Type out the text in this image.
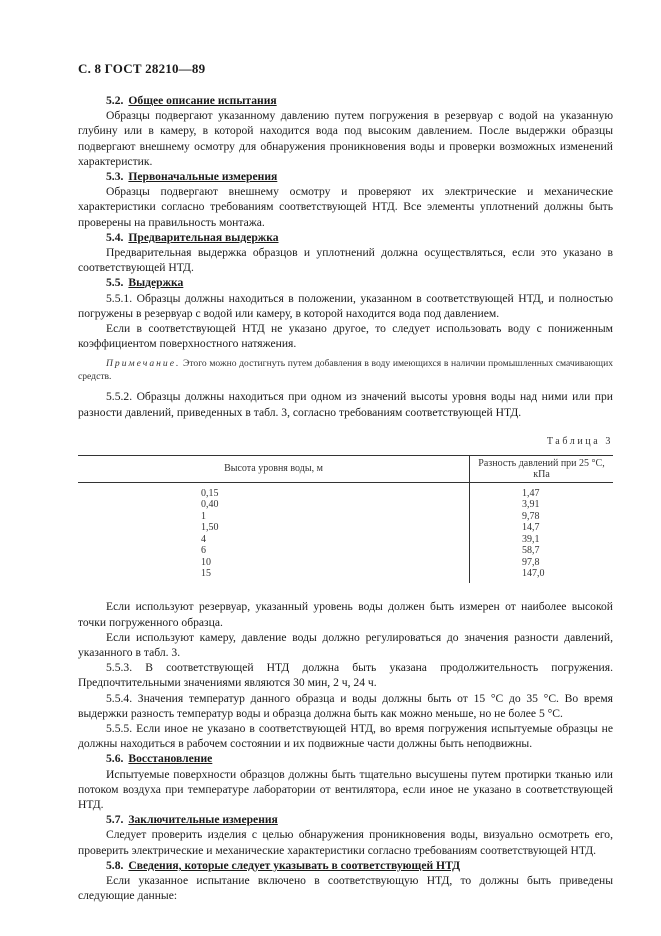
С. 8 ГОСТ 28210—89

5.2. Общее описание испытания

Образцы подвергают указанному давлению путем погружения в резервуар с водой на указанную глубину или в камеру, в которой находится вода под высоким давлением. После выдержки образцы подвергают внешнему осмотру для обнаружения проникновения воды и проверки возможных изменений характеристик.

5.3. Первоначальные измерения

Образцы подвергают внешнему осмотру и проверяют их электрические и механические характеристики согласно требованиям соответствующей НТД. Все элементы уплотнений должны быть проверены на правильность монтажа.

5.4. Предварительная выдержка

Предварительная выдержка образцов и уплотнений должна осуществляться, если это указано в соответствующей НТД.

5.5. Выдержка

5.5.1. Образцы должны находиться в положении, указанном в соответствующей НТД, и полностью погружены в резервуар с водой или камеру, в которой находится вода под давлением.

Если в соответствующей НТД не указано другое, то следует использовать воду с пониженным коэффициентом поверхностного натяжения.

Примечание. Этого можно достигнуть путем добавления в воду имеющихся в наличии промышленных смачивающих средств.

5.5.2. Образцы должны находиться при одном из значений высоты уровня воды над ними или при разности давлений, приведенных в табл. 3, согласно требованиям соответствующей НТД.

Таблица 3
Высота уровня воды, м	Разность давлений при 25 °С, кПа
0,15	1,47
0,40	3,91
1	9,78
1,50	14,7
4	39,1
6	58,7
10	97,8
15	147,0

Если используют резервуар, указанный уровень воды должен быть измерен от наиболее высокой точки погруженного образца.

Если используют камеру, давление воды должно регулироваться до значения разности давлений, указанного в табл. 3.

5.5.3. В соответствующей НТД должна быть указана продолжительность погружения. Предпочтительными значениями являются 30 мин, 2 ч, 24 ч.

5.5.4. Значения температур данного образца и воды должны быть от 15 °С до 35 °С. Во время выдержки разность температур воды и образца должна быть как можно меньше, но не более 5 °С.

5.5.5. Если иное не указано в соответствующей НТД, во время погружения испытуемые образцы не должны находиться в рабочем состоянии и их подвижные части должны быть неподвижны.

5.6. Восстановление

Испытуемые поверхности образцов должны быть тщательно высушены путем протирки тканью или потоком воздуха при температуре лаборатории от вентилятора, если иное не указано в соответствующей НТД.

5.7. Заключительные измерения

Следует проверить изделия с целью обнаружения проникновения воды, визуально осмотреть его, проверить электрические и механические характеристики согласно требованиям соответствующей НТД.

5.8. Сведения, которые следует указывать в соответствующей НТД

Если указанное испытание включено в соответствующую НТД, то должны быть приведены следующие данные:
